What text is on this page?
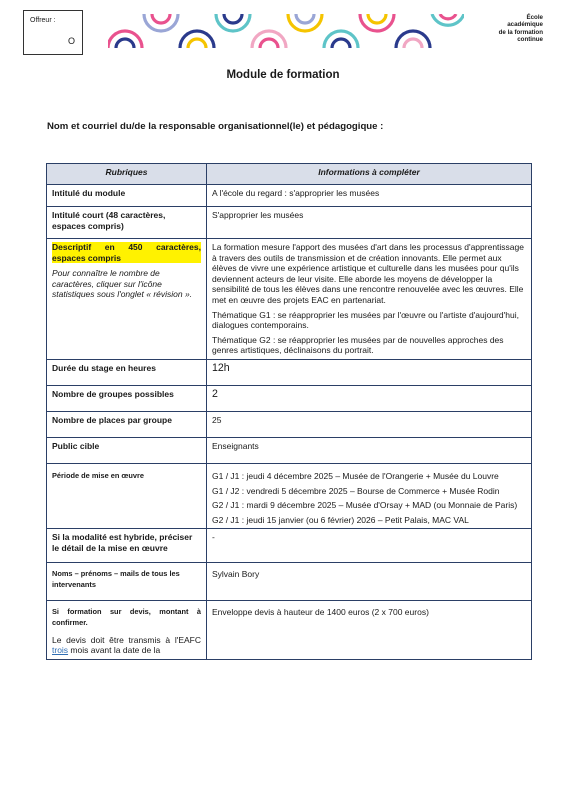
Offreur :
O
École
académique
de la formation
continue
Module de formation
Nom et courriel du/de la responsable organisationnel(le) et pédagogique :
Rubriques	Informations à compléter
Intitulé du module	A l'école du regard : s'approprier les musées
Intitulé court (48 caractères, espaces compris)	S'approprier les musées

Descriptif en 450 caractères, espaces compris
Pour connaître le nombre de caractères, cliquer sur l'icône statistiques sous l'onglet « révision ».	La formation mesure l'apport des musées d'art dans les processus d'apprentissage à travers des outils de transmission et de création innovants. Elle permet aux élèves de vivre une expérience artistique et culturelle dans les musées pour qu'ils deviennent acteurs de leur visite. Elle aborde les moyens de développer la sensibilité de tous les élèves dans une rencontre renouvelée avec les œuvres. Elle met en œuvre des projets EAC en partenariat.
Thématique G1 : se réapproprier les musées par l'œuvre ou l'artiste d'aujourd'hui, dialogues contemporains.
Thématique G2 : se réapproprier les musées par de nouvelles approches des genres artistiques, déclinaisons du portrait.

Durée du stage en heures	12h
Nombre de groupes possibles	2
Nombre de places par groupe	25
Public cible	Enseignants
Période de mise en œuvre	G1 / J1 : jeudi 4 décembre 2025 – Musée de l'Orangerie + Musée du Louvre
G1 / J2 : vendredi 5 décembre 2025 – Bourse de Commerce + Musée Rodin
G2 / J1 : mardi 9 décembre 2025 – Musée d'Orsay + MAD (ou Monnaie de Paris)
G2 / J1 : jeudi 15 janvier (ou 6 février) 2026 – Petit Palais, MAC VAL

Si la modalité est hybride, préciser le détail de la mise en œuvre	-
Noms – prénoms – mails de tous les intervenants	Sylvain Bory

Si formation sur devis, montant à confirmer.
Le devis doit être transmis à l'EAFC trois mois avant la date de la	Enveloppe devis à hauteur de 1400 euros (2 x 700 euros)
